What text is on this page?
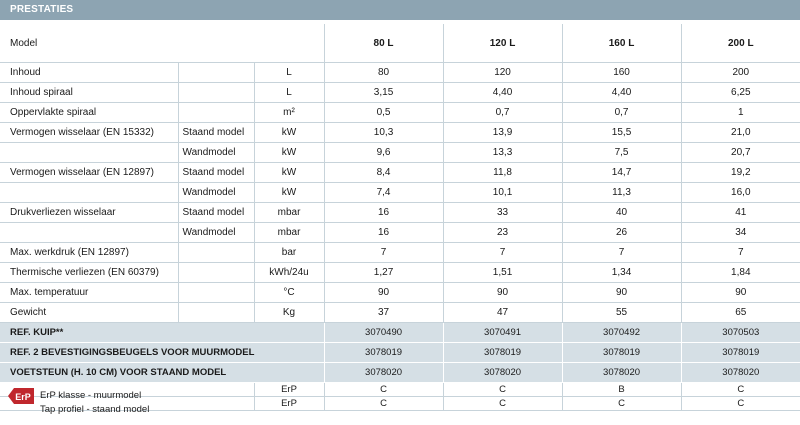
PRESTATIES
Model			80 L	120 L	160 L	200 L
Inhoud		L	80	120	160	200
Inhoud spiraal		L	3,15	4,40	4,40	6,25
Oppervlakte spiraal		m²	0,5	0,7	0,7	1
Vermogen wisselaar (EN 15332)	Staand model	kW	10,3	13,9	15,5	21,0
	Wandmodel	kW	9,6	13,3	7,5	20,7
Vermogen wisselaar (EN 12897)	Staand model	kW	8,4	11,8	14,7	19,2
	Wandmodel	kW	7,4	10,1	11,3	16,0
Drukverliezen wisselaar	Staand model	mbar	16	33	40	41
	Wandmodel	mbar	16	23	26	34
Max. werkdruk (EN 12897)		bar	7	7	7	7
Thermische verliezen (EN 60379)		kWh/24u	1,27	1,51	1,34	1,84
Max. temperatuur		°C	90	90	90	90
Gewicht		Kg	37	47	55	65
REF. KUIP**			3070490	3070491	3070492	3070503
REF. 2 BEVESTIGINGSBEUGELS VOOR MUURMODEL			3078019	3078019	3078019	3078019
VOETSTEUN (H. 10 CM) VOOR STAAND MODEL			3078020	3078020	3078020	3078020

ErP ErP klasse - muurmodel		ErP	C	C	B	C

Tap profiel - staand model		ErP	C	C	C	C
